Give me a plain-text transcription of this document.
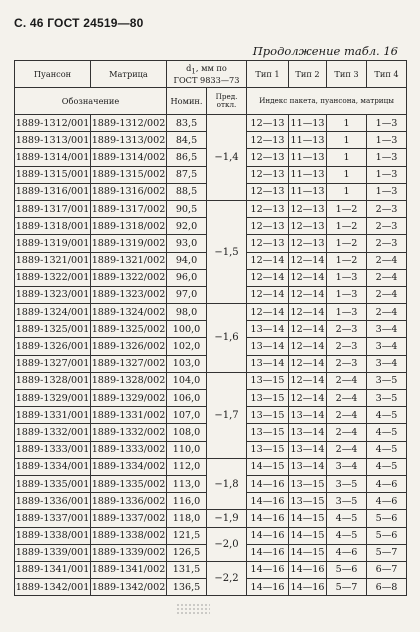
С. 46 ГОСТ 24519—80
Продолжение табл. 16
Пуансон	Матрица	d1, мм по
ГОСТ 9833—73		Тип 1	Тип 2	Тип 3	Тип 4
Обозначение		Номин.	Пред. откл.	Индекс пакета, пуансона, матрицы			
1889-1312/001	1889-1312/002	83,5	−1,4	12—13	11—13	1	1—3
1889-1313/001	1889-1313/002	84,5		12—13	11—13	1	1—3
1889-1314/001	1889-1314/002	86,5		12—13	11—13	1	1—3
1889-1315/001	1889-1315/002	87,5		12—13	11—13	1	1—3
1889-1316/001	1889-1316/002	88,5		12—13	11—13	1	1—3
1889-1317/001	1889-1317/002	90,5	−1,5	12—13	12—13	1—2	2—3
1889-1318/001	1889-1318/002	92,0		12—13	12—13	1—2	2—3
1889-1319/001	1889-1319/002	93,0		12—13	12—13	1—2	2—3
1889-1321/001	1889-1321/002	94,0		12—14	12—14	1—2	2—4
1889-1322/001	1889-1322/002	96,0		12—14	12—14	1—3	2—4
1889-1323/001	1889-1323/002	97,0		12—14	12—14	1—3	2—4
1889-1324/001	1889-1324/002	98,0	−1,6	12—14	12—14	1—3	2—4
1889-1325/001	1889-1325/002	100,0		13—14	12—14	2—3	3—4
1889-1326/001	1889-1326/002	102,0		13—14	12—14	2—3	3—4
1889-1327/001	1889-1327/002	103,0		13—14	12—14	2—3	3—4
1889-1328/001	1889-1328/002	104,0	−1,7	13—15	12—14	2—4	3—5
1889-1329/001	1889-1329/002	106,0		13—15	12—14	2—4	3—5
1889-1331/001	1889-1331/002	107,0		13—15	13—14	2—4	4—5
1889-1332/001	1889-1332/002	108,0		13—15	13—14	2—4	4—5
1889-1333/001	1889-1333/002	110,0		13—15	13—14	2—4	4—5
1889-1334/001	1889-1334/002	112,0	−1,8	14—15	13—14	3—4	4—5
1889-1335/001	1889-1335/002	113,0		14—16	13—15	3—5	4—6
1889-1336/001	1889-1336/002	116,0		14—16	13—15	3—5	4—6
1889-1337/001	1889-1337/002	118,0	−1,9	14—16	14—15	4—5	5—6
1889-1338/001	1889-1338/002	121,5	−2,0	14—16	14—15	4—5	5—6
1889-1339/001	1889-1339/002	126,5		14—16	14—15	4—6	5—7
1889-1341/001	1889-1341/002	131,5	−2,2	14—16	14—16	5—6	6—7
1889-1342/001	1889-1342/002	136,5		14—16	14—16	5—7	6—8
